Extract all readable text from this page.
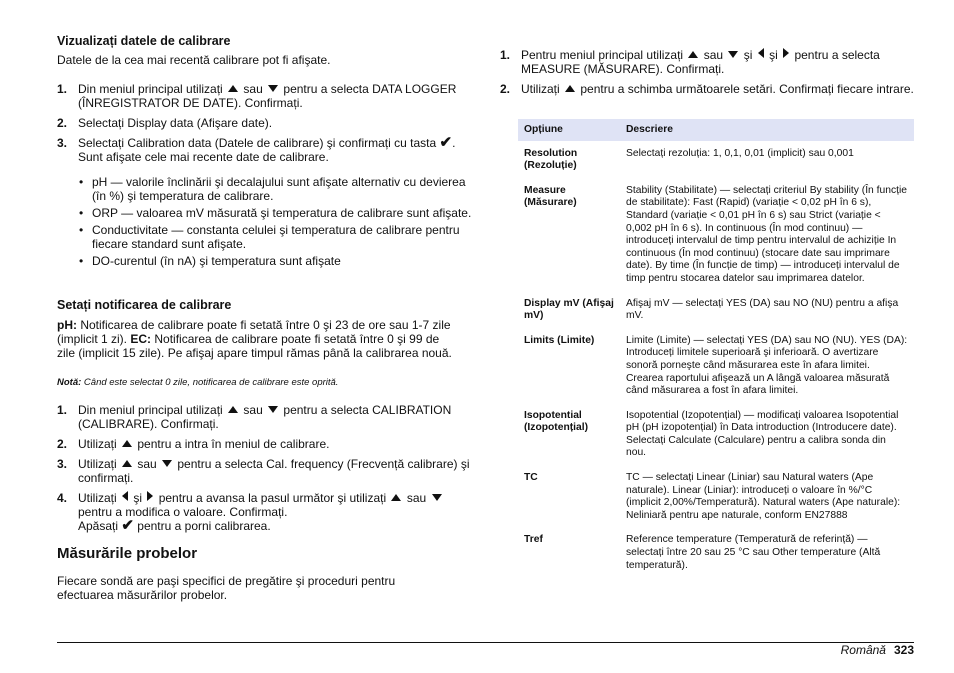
Vizualizați datele de calibrare

Datele de la cea mai recentă calibrare pot fi afişate.

1. Din meniul principal utilizați  sau  pentru a selecta DATA LOGGER (ÎNREGISTRATOR DE DATE). Confirmați.
2. Selectați Display data (Afişare date).
3. Selectați Calibration data (Datele de calibrare) şi confirmați cu tasta ✔. Sunt afişate cele mai recente date de calibrare.
• pH — valorile înclinării şi decalajului sunt afişate alternativ cu devierea (în %) şi temperatura de calibrare.
• ORP — valoarea mV măsurată şi temperatura de calibrare sunt afişate.
• Conductivitate — constanta celulei şi temperatura de calibrare pentru fiecare standard sunt afişate.
• DO-curentul (în nA) şi temperatura sunt afişate
Setați notificarea de calibrare

pH: Notificarea de calibrare poate fi setată între 0 şi 23 de ore sau 1-7 zile (implicit 1 zi). EC: Notificarea de calibrare poate fi setată între 0 şi 99 de zile (implicit 15 zile). Pe afişaj apare timpul rămas până la calibrarea nouă.

Notă: Când este selectat 0 zile, notificarea de calibrare este oprită.

1. Din meniul principal utilizați  sau  pentru a selecta CALIBRATION (CALIBRARE). Confirmați.
2. Utilizați  pentru a intra în meniul de calibrare.
3. Utilizați  sau  pentru a selecta Cal. frequency (Frecvență calibrare) şi confirmați.
4. Utilizați  şi  pentru a avansa la pasul următor şi utilizați  sau  pentru a modifica o valoare. Confirmați.
Apăsați ✔ pentru a porni calibrarea.
Măsurările probelor

Fiecare sondă are paşi specifici de pregătire şi proceduri pentru efectuarea măsurărilor probelor.

1. Pentru meniul principal utilizați  sau  şi  şi  pentru a selecta MEASURE (MĂSURARE). Confirmați.
2. Utilizați  pentru a schimba următoarele setări. Confirmați fiecare intrare.
Opțiune	Descriere
Resolution (Rezoluție)	Selectați rezoluția: 1, 0,1, 0,01 (implicit) sau 0,001
Measure (Măsurare)	Stability (Stabilitate) — selectați criteriul By stability (În funcție de stabilitate): Fast (Rapid) (variație < 0,02 pH în 6 s), Standard (variație < 0,01 pH în 6 s) sau Strict (variație < 0,002 pH în 6 s). In continuous (În mod continuu) — introduceți intervalul de timp pentru intervalul de achiziție In continuous (În mod continuu) (stocare date sau imprimare date). By time (În funcție de timp) — introduceți intervalul de timp pentru stocarea datelor sau imprimarea datelor.
Display mV (Afişaj mV)	Afişaj mV — selectați YES (DA) sau NO (NU) pentru a afişa mV.
Limits (Limite)	Limite (Limite) — selectați YES (DA) sau NO (NU). YES (DA): Introduceți limitele superioară şi inferioară. O avertizare sonoră porneşte când măsurarea este în afara limitei. Crearea raportului afişează un A lângă valoarea măsurată când măsurarea a fost în afara limitei.
Isopotential (Izopotențial)	Isopotential (Izopotențial) — modificați valoarea Isopotential pH (pH izopotențial) în Data introduction (Introducere date). Selectați Calculate (Calculare) pentru a calibra sonda din nou.
TC	TC — selectați Linear (Liniar) sau Natural waters (Ape naturale). Linear (Liniar): introduceți o valoare în %/°C (implicit 2,00%/Temperatură). Natural waters (Ape naturale): Neliniară pentru ape naturale, conform EN27888
Tref	Reference temperature (Temperatură de referință) — selectați între 20 sau 25 °C sau Other temperature (Altă temperatură).
Română 323
